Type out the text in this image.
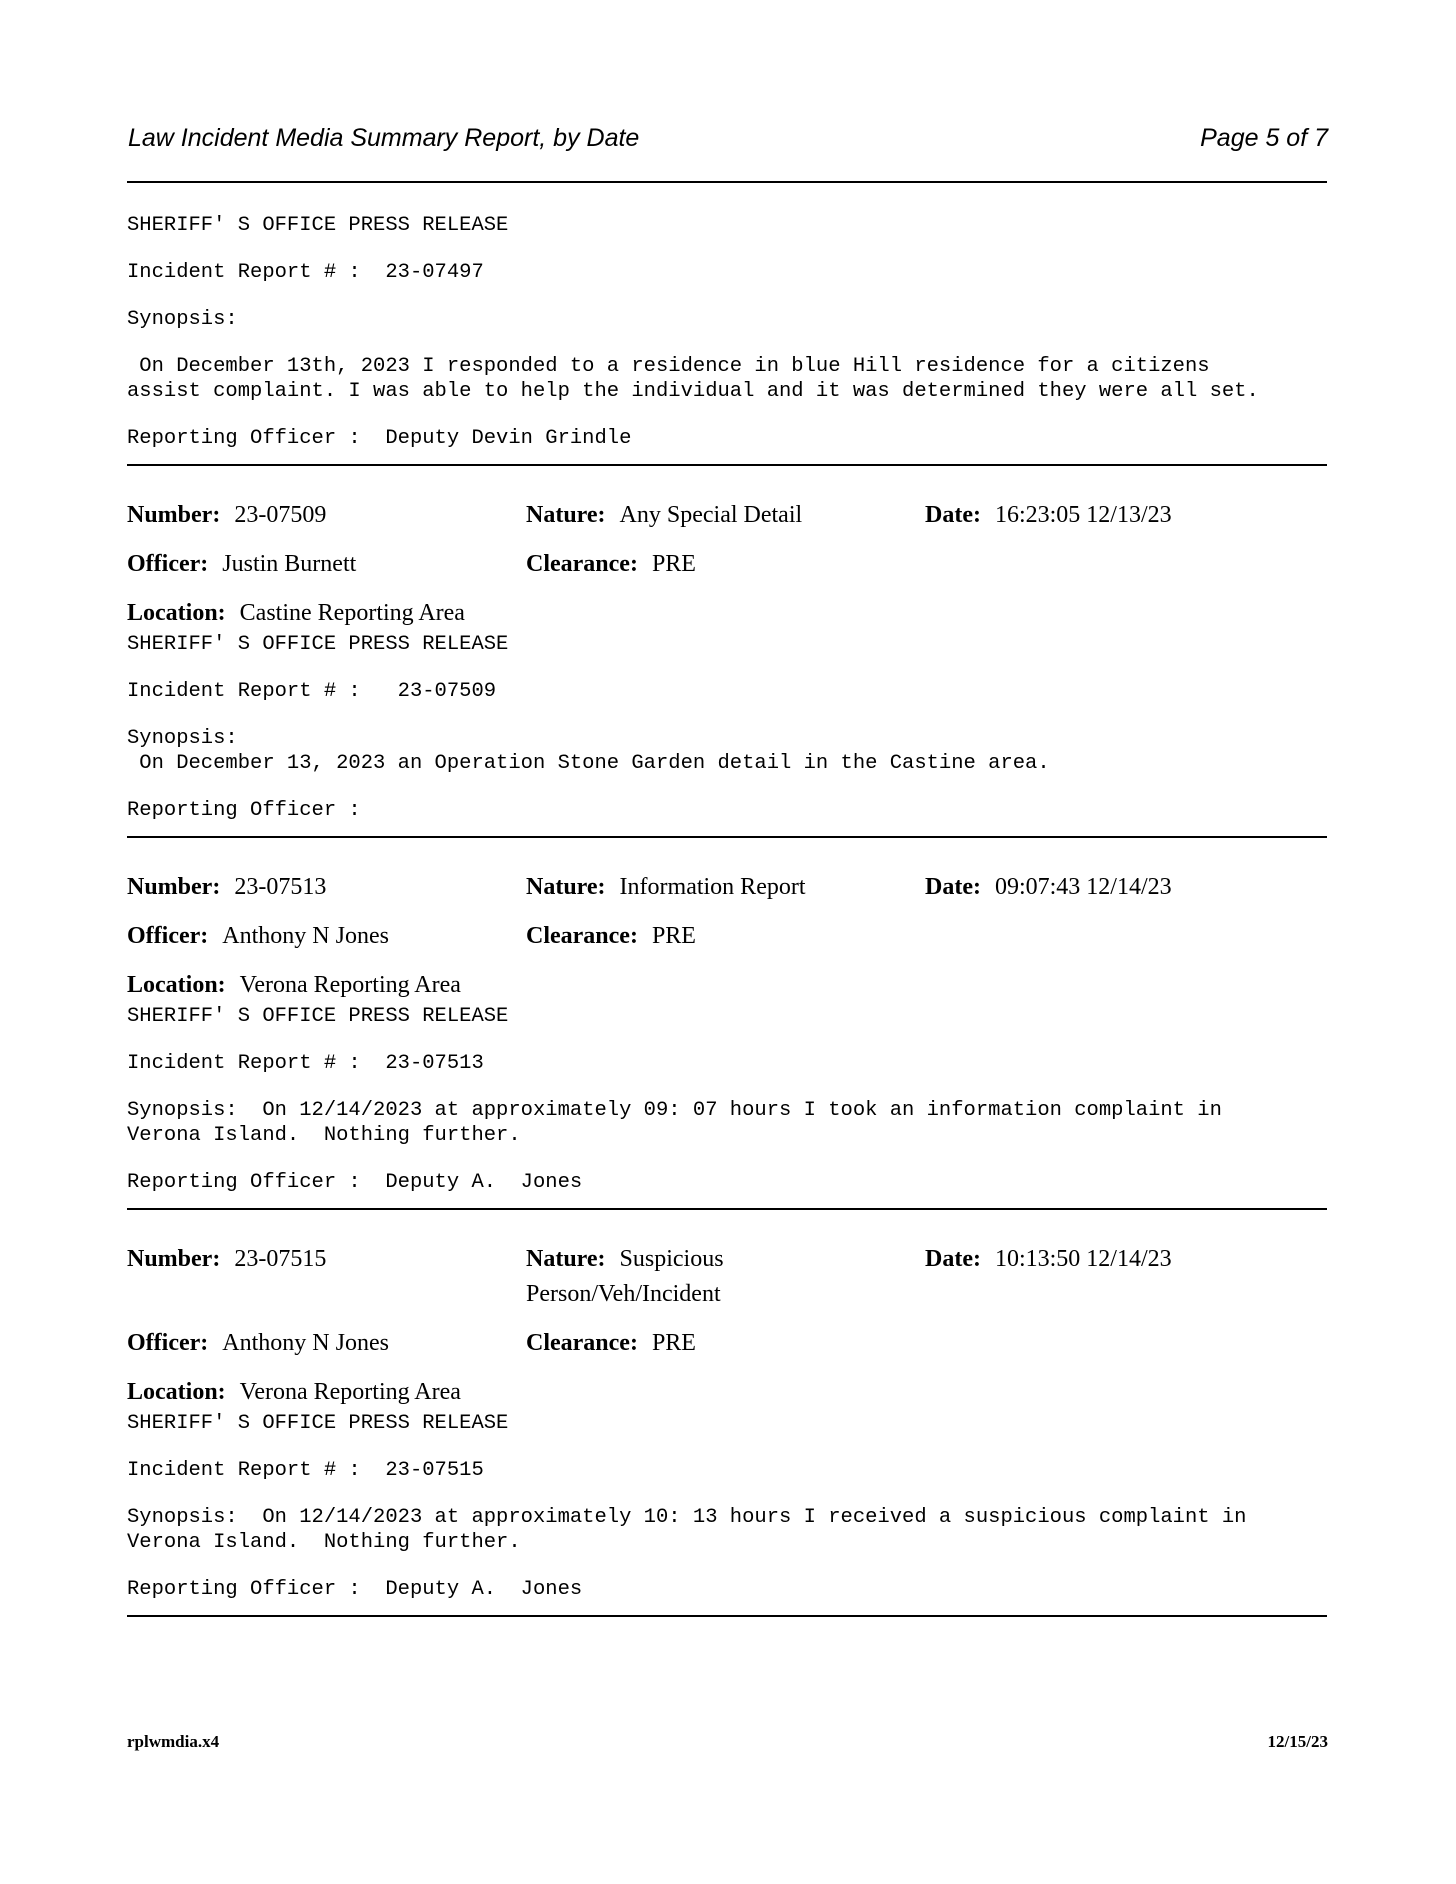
Law Incident Media Summary Report, by Date	Page 5 of 7
SHERIFF' S OFFICE PRESS RELEASE
Incident Report # :  23-07497
Synopsis:
On December 13th, 2023 I responded to a residence in blue Hill residence for a citizens
assist complaint. I was able to help the individual and it was determined they were all set.
Reporting Officer :  Deputy Devin Grindle
Number: 23-07509	Nature: Any Special Detail	Date: 16:23:05 12/13/23
Officer: Justin Burnett	Clearance: PRE
Location: Castine Reporting Area
SHERIFF' S OFFICE PRESS RELEASE
Incident Report # :   23-07509
Synopsis:
On December 13, 2023 an Operation Stone Garden detail in the Castine area.
Reporting Officer :
Number: 23-07513	Nature: Information Report	Date: 09:07:43 12/14/23
Officer: Anthony N Jones	Clearance: PRE
Location: Verona Reporting Area
SHERIFF' S OFFICE PRESS RELEASE
Incident Report # :  23-07513
Synopsis:  On 12/14/2023 at approximately 09: 07 hours I took an information complaint in
Verona Island.  Nothing further.
Reporting Officer :  Deputy A.  Jones
Number: 23-07515	Nature: Suspicious
Person/Veh/Incident
Date: 10:13:50 12/14/23
Officer: Anthony N Jones	Clearance: PRE
Location: Verona Reporting Area
SHERIFF' S OFFICE PRESS RELEASE
Incident Report # :  23-07515
Synopsis:  On 12/14/2023 at approximately 10: 13 hours I received a suspicious complaint in
Verona Island.  Nothing further.
Reporting Officer :  Deputy A.  Jones
rplwmdia.x4	12/15/23
